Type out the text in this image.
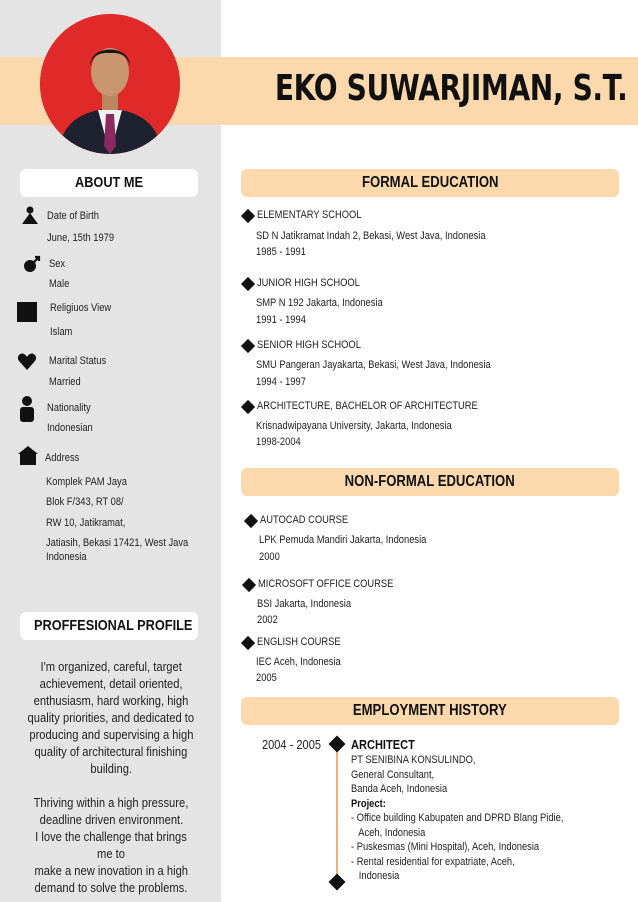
EKO SUWARJIMAN, S.T.
ABOUT ME
Date of Birth
June, 15th 1979
Sex
Male
Religiuos View
Islam
Marital Status
Married
Nationality
Indonesian
Address
Komplek PAM Jaya
Blok F/343, RT 08/
RW 10, Jatikramat,
Jatiasih, Bekasi 17421, West Java
Indonesia
PROFFESIONAL PROFILE

I'm organized, careful, target

achievement, detail oriented,

enthusiasm, hard working, high

quality priorities, and dedicated to

producing and supervising a high

quality of architectural finishing

building.

Thriving within a high pressure,

deadline driven environment.

I love the challenge that brings me to

make a new inovation in a high

demand to solve the problems.

FORMAL EDUCATION
ELEMENTARY SCHOOL
SD N Jatikramat Indah 2, Bekasi, West Java, Indonesia
1985 - 1991
JUNIOR HIGH SCHOOL
SMP N 192 Jakarta, Indonesia
1991 - 1994
SENIOR HIGH SCHOOL
SMU Pangeran Jayakarta, Bekasi, West Java, Indonesia
1994 - 1997
ARCHITECTURE, BACHELOR OF ARCHITECTURE
Krisnadwipayana University, Jakarta, Indonesia
1998-2004
NON-FORMAL EDUCATION
AUTOCAD COURSE
LPK Pemuda Mandiri Jakarta, Indonesia
2000
MICROSOFT OFFICE COURSE
BSI Jakarta, Indonesia
2002
ENGLISH COURSE
IEC Aceh, Indonesia
2005
EMPLOYMENT HISTORY
2004 - 2005	ARCHITECT
PT SENIBINA KONSULINDO,
General Consultant,
Banda Aceh, Indonesia
Project:
- Office building Kabupaten and DPRD Blang Pidie,
Aceh, Indonesia
- Puskesmas (Mini Hospital), Aceh, Indonesia
- Rental residential for expatriate, Aceh,
Indonesia
